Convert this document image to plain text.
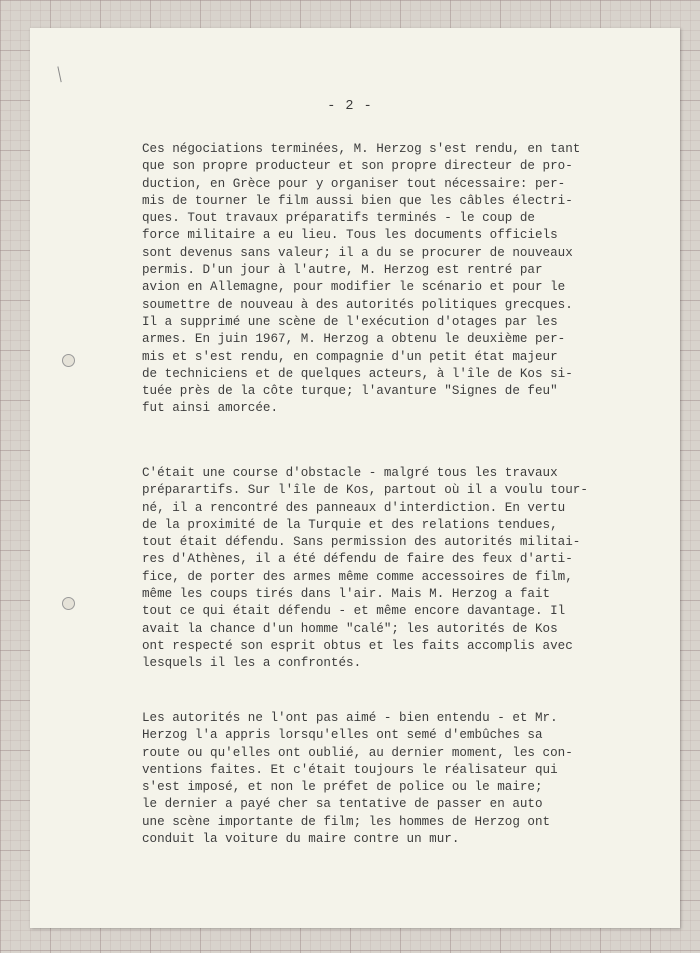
- 2 -

Ces négociations terminées, M. Herzog s'est rendu, en tant
que son propre producteur et son propre directeur de pro-
duction, en Grèce pour y organiser tout nécessaire: per-
mis de tourner le film aussi bien que les câbles électri-
ques. Tout travaux préparatifs terminés - le coup de
force militaire a eu lieu. Tous les documents officiels
sont devenus sans valeur; il a du se procurer de nouveaux
permis. D'un jour à l'autre, M. Herzog est rentré par
avion en Allemagne, pour modifier le scénario et pour le
soumettre de nouveau à des autorités politiques grecques.
Il a supprimé une scène de l'exécution d'otages par les
armes. En juin 1967, M. Herzog a obtenu le deuxième per-
mis et s'est rendu, en compagnie d'un petit état majeur
de techniciens et de quelques acteurs, à l'île de Kos si-
tuée près de la côte turque; l'avanture "Signes de feu"
fut ainsi amorcée.

C'était une course d'obstacle - malgré tous les travaux
préparartifs. Sur l'île de Kos, partout où il a voulu tour-
né, il a rencontré des panneaux d'interdiction. En vertu
de la proximité de la Turquie et des relations tendues,
tout était défendu. Sans permission des autorités militai-
res d'Athènes, il a été défendu de faire des feux d'arti-
fice, de porter des armes même comme accessoires de film,
même les coups tirés dans l'air. Mais M. Herzog a fait
tout ce qui était défendu - et même encore davantage. Il
avait la chance d'un homme "calé"; les autorités de Kos
ont respecté son esprit obtus et les faits accomplis avec
lesquels il les a confrontés.

Les autorités ne l'ont pas aimé - bien entendu - et Mr.
Herzog l'a appris lorsqu'elles ont semé d'embûches sa
route ou qu'elles ont oublié, au dernier moment, les con-
ventions faites. Et c'était toujours le réalisateur qui
s'est imposé, et non le préfet de police ou le maire;
le dernier a payé cher sa tentative de passer en auto
une scène importante de film; les hommes de Herzog ont
conduit la voiture du maire contre un mur.
